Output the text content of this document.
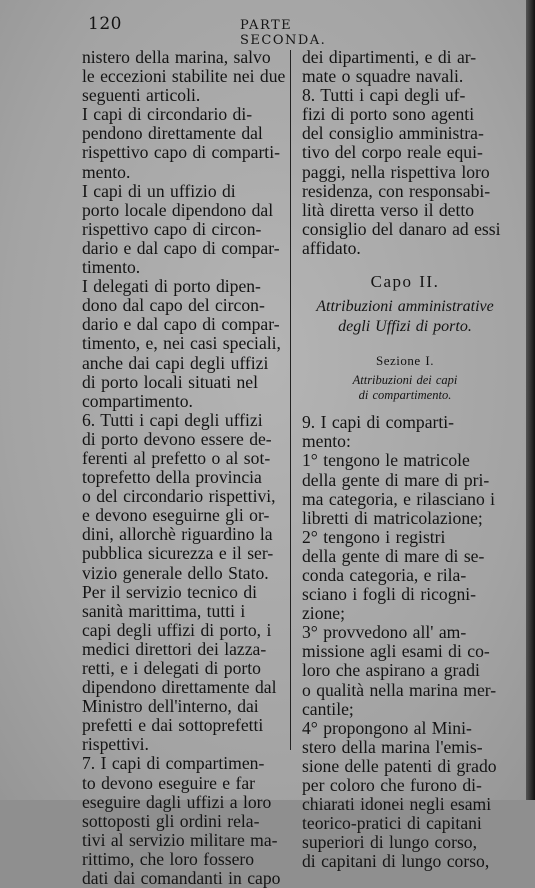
120	PARTE SECONDA.
nistero della marina, salvo
le eccezioni stabilite nei due
seguenti articoli.
I capi di circondario di-
pendono direttamente dal
rispettivo capo di comparti-
mento.
I capi di un uffizio di
porto locale dipendono dal
rispettivo capo di circon-
dario e dal capo di compar-
timento.
I delegati di porto dipen-
dono dal capo del circon-
dario e dal capo di compar-
timento, e, nei casi speciali,
anche dai capi degli uffizi
di porto locali situati nel
compartimento.
6. Tutti i capi degli uffizi
di porto devono essere de-
ferenti al prefetto o al sot-
toprefetto della provincia
o del circondario rispettivi,
e devono eseguirne gli or-
dini, allorchè riguardino la
pubblica sicurezza e il ser-
vizio generale dello Stato.
Per il servizio tecnico di
sanità marittima, tutti i
capi degli uffizi di porto, i
medici direttori dei lazza-
retti, e i delegati di porto
dipendono direttamente dal
Ministro dell'interno, dai
prefetti e dai sottoprefetti
rispettivi.
7. I capi di compartimen-
to devono eseguire e far
eseguire dagli uffizi a loro
sottoposti gli ordini rela-
tivi al servizio militare ma-
rittimo, che loro fossero
dati dai comandanti in capo
dei dipartimenti, e di ar-
mate o squadre navali.
8. Tutti i capi degli uf-
fizi di porto sono agenti
del consiglio amministra-
tivo del corpo reale equi-
paggi, nella rispettiva loro
residenza, con responsabi-
lità diretta verso il detto
consiglio del danaro ad essi
affidato.
Capo II.
Attribuzioni amministrative
degli Uffizi di porto.
Sezione I.
Attribuzioni dei capi
di compartimento.
9. I capi di comparti-
mento:
1° tengono le matricole
della gente di mare di pri-
ma categoria, e rilasciano i
libretti di matricolazione;
2° tengono i registri
della gente di mare di se-
conda categoria, e rila-
sciano i fogli di ricogni-
zione;
3° provvedono all' am-
missione agli esami di co-
loro che aspirano a gradi
o qualità nella marina mer-
cantile;
4° propongono al Mini-
stero della marina l'emis-
sione delle patenti di grado
per coloro che furono di-
chiarati idonei negli esami
teorico-pratici di capitani
superiori di lungo corso,
di capitani di lungo corso,
